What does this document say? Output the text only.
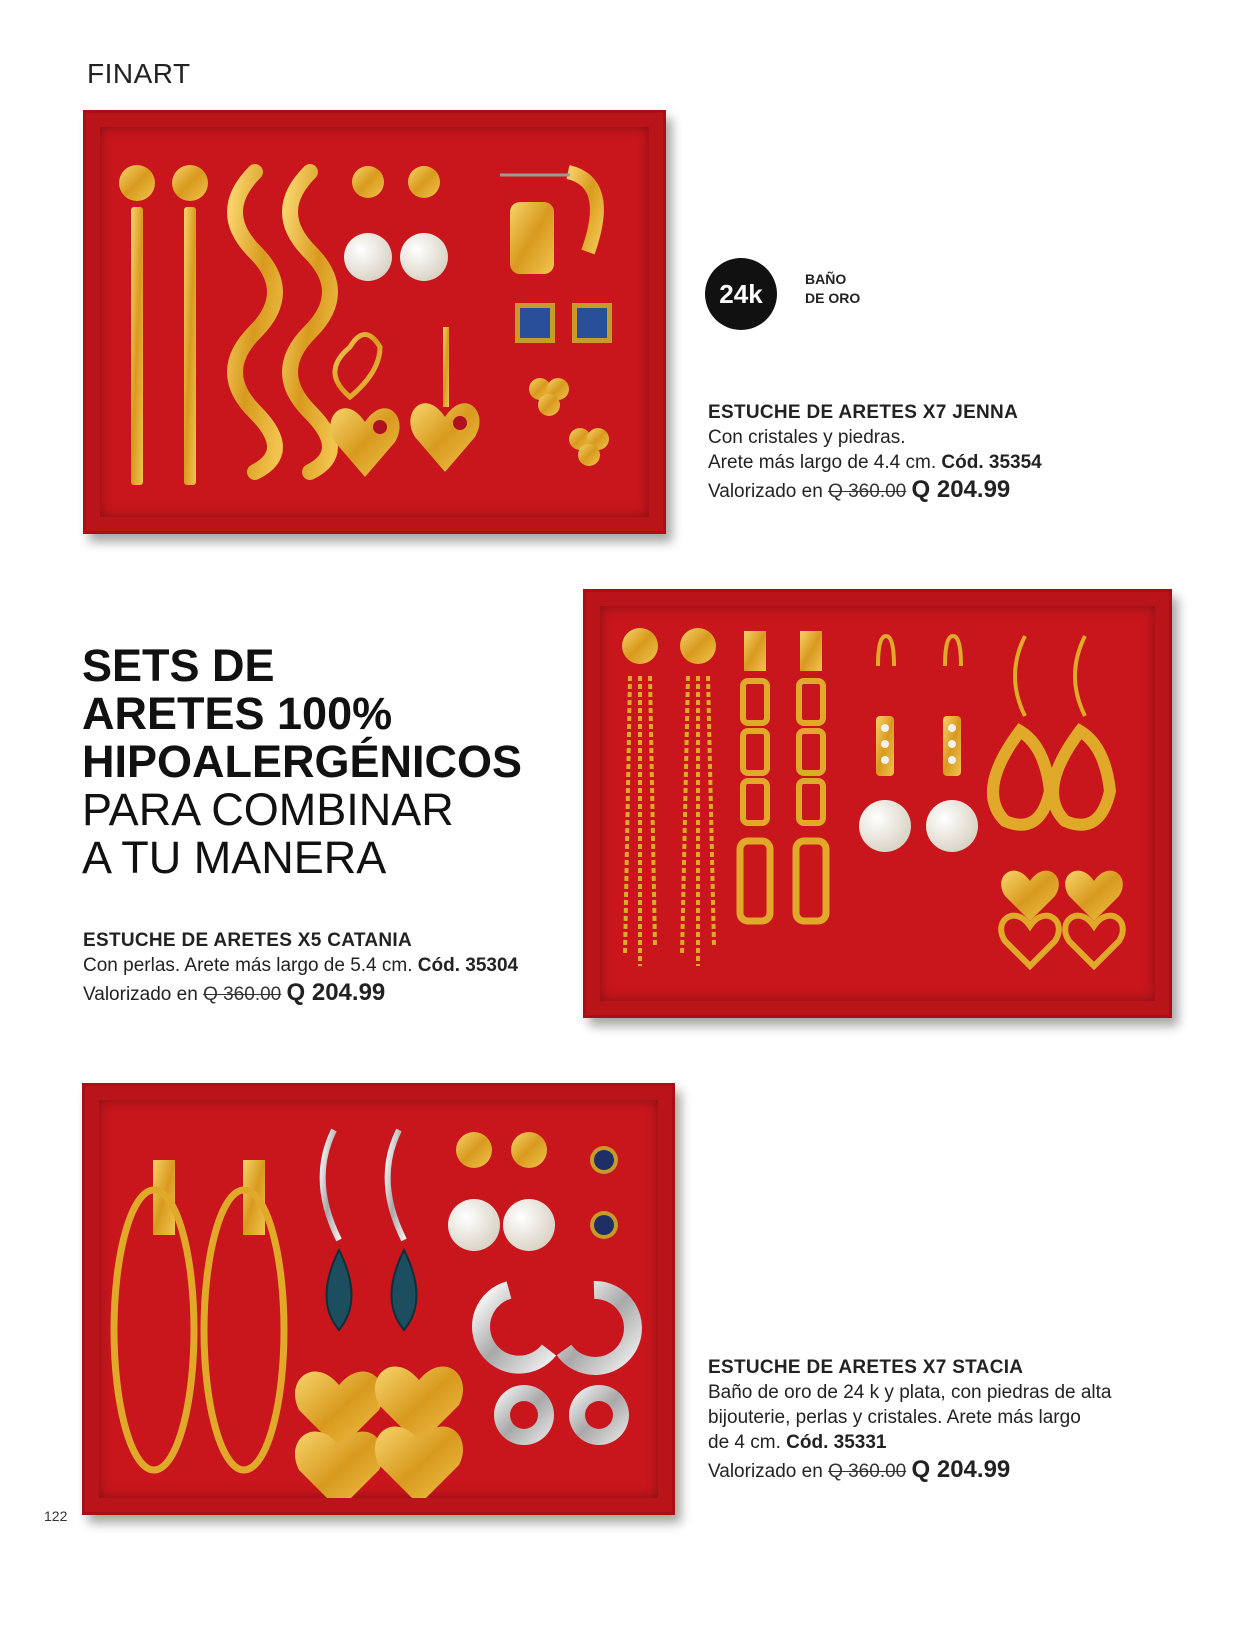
FINART
24k	BAÑO
DE ORO
ESTUCHE DE ARETES X7 JENNA
Con cristales y piedras.
Arete más largo de 4.4 cm. Cód. 35354
Valorizado en Q 360.00 Q 204.99
SETS DE
ARETES 100%
HIPOALERGÉNICOS
PARA COMBINAR
A TU MANERA
ESTUCHE DE ARETES X5 CATANIA
Con perlas. Arete más largo de 5.4 cm. Cód. 35304
Valorizado en Q 360.00 Q 204.99
ESTUCHE DE ARETES X7 STACIA
Baño de oro de 24 k y plata, con piedras de alta
bijouterie, perlas y cristales. Arete más largo
de 4 cm. Cód. 35331
Valorizado en Q 360.00 Q 204.99
122
